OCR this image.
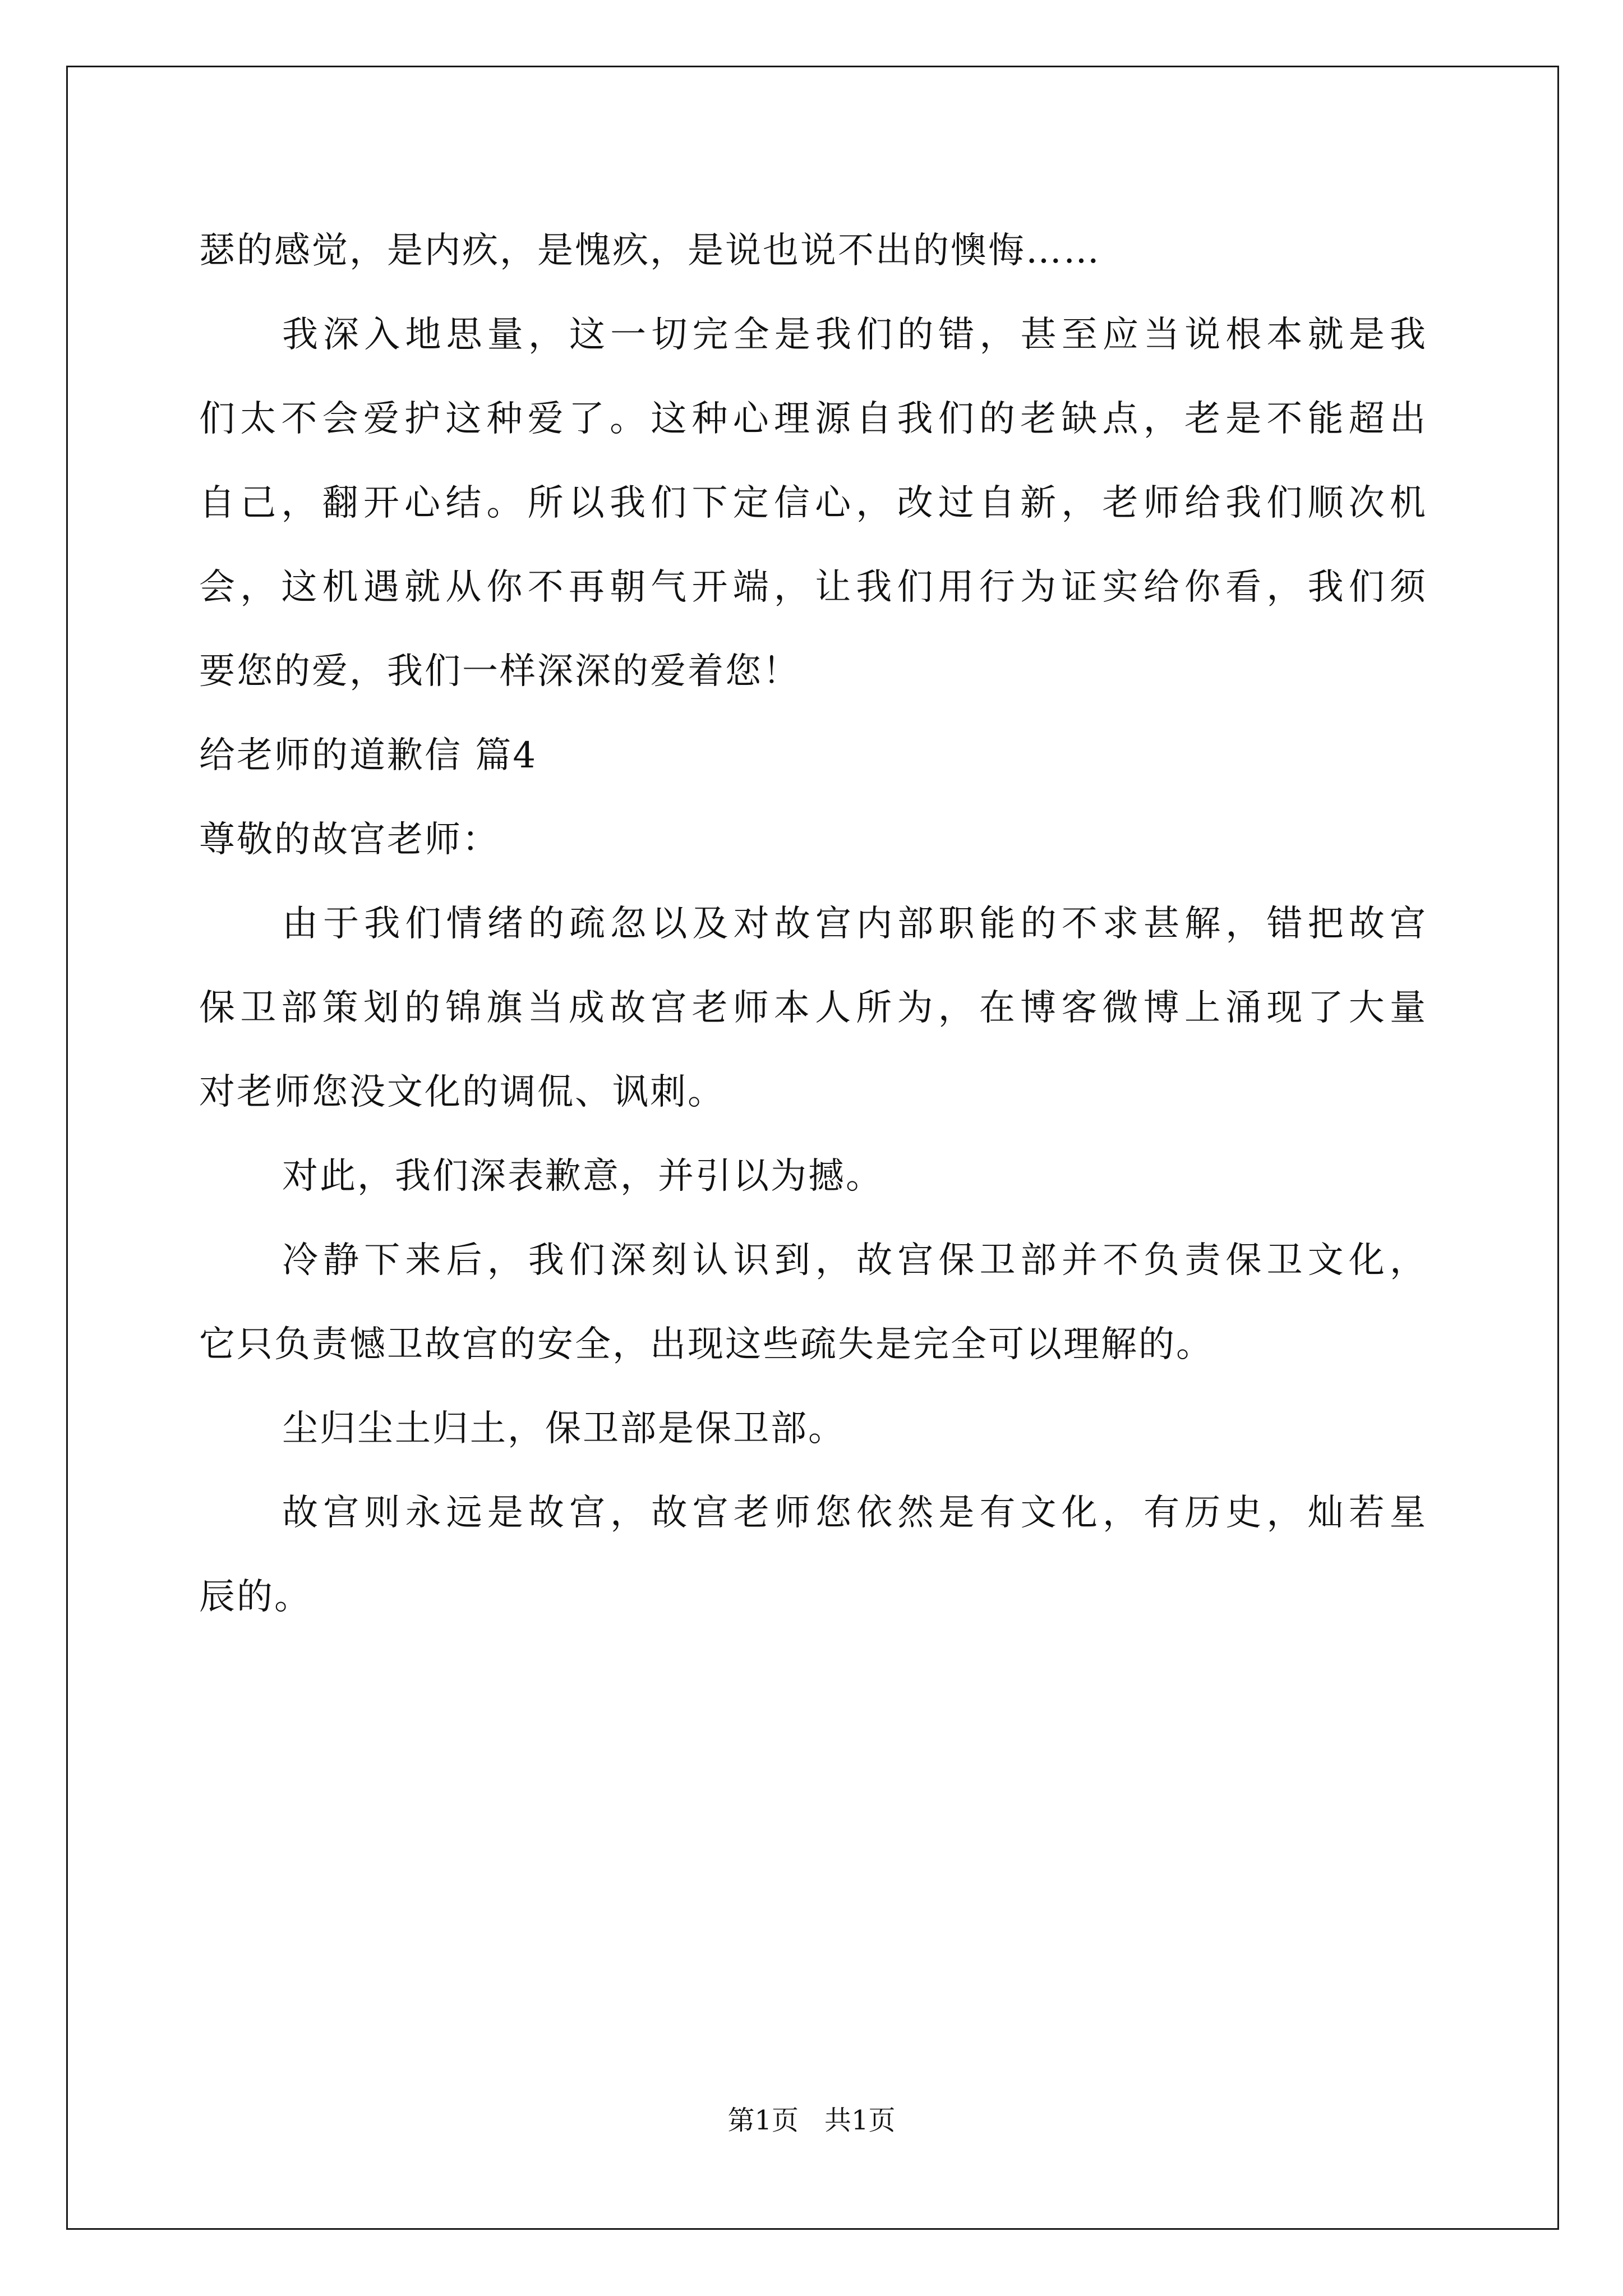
瑟的感觉，是内疚，是愧疚，是说也说不出的懊悔……
我深入地思量，这一切完全是我们的错，甚至应当说根本就是我
们太不会爱护这种爱了。这种心理源自我们的老缺点，老是不能超出
自己，翻开心结。所以我们下定信心，改过自新，老师给我们顺次机
会，这机遇就从你不再朝气开端，让我们用行为证实给你看，我们须
要您的爱，我们一样深深的爱着您！
给老师的道歉信 篇4
尊敬的故宫老师：
由于我们情绪的疏忽以及对故宫内部职能的不求甚解，错把故宫
保卫部策划的锦旗当成故宫老师本人所为，在博客微博上涌现了大量
对老师您没文化的调侃、讽刺。
对此，我们深表歉意，并引以为撼。
冷静下来后，我们深刻认识到，故宫保卫部并不负责保卫文化，
它只负责憾卫故宫的安全，出现这些疏失是完全可以理解的。
尘归尘土归土，保卫部是保卫部。
故宫则永远是故宫，故宫老师您依然是有文化，有历史，灿若星
辰的。
第1页 共1页
